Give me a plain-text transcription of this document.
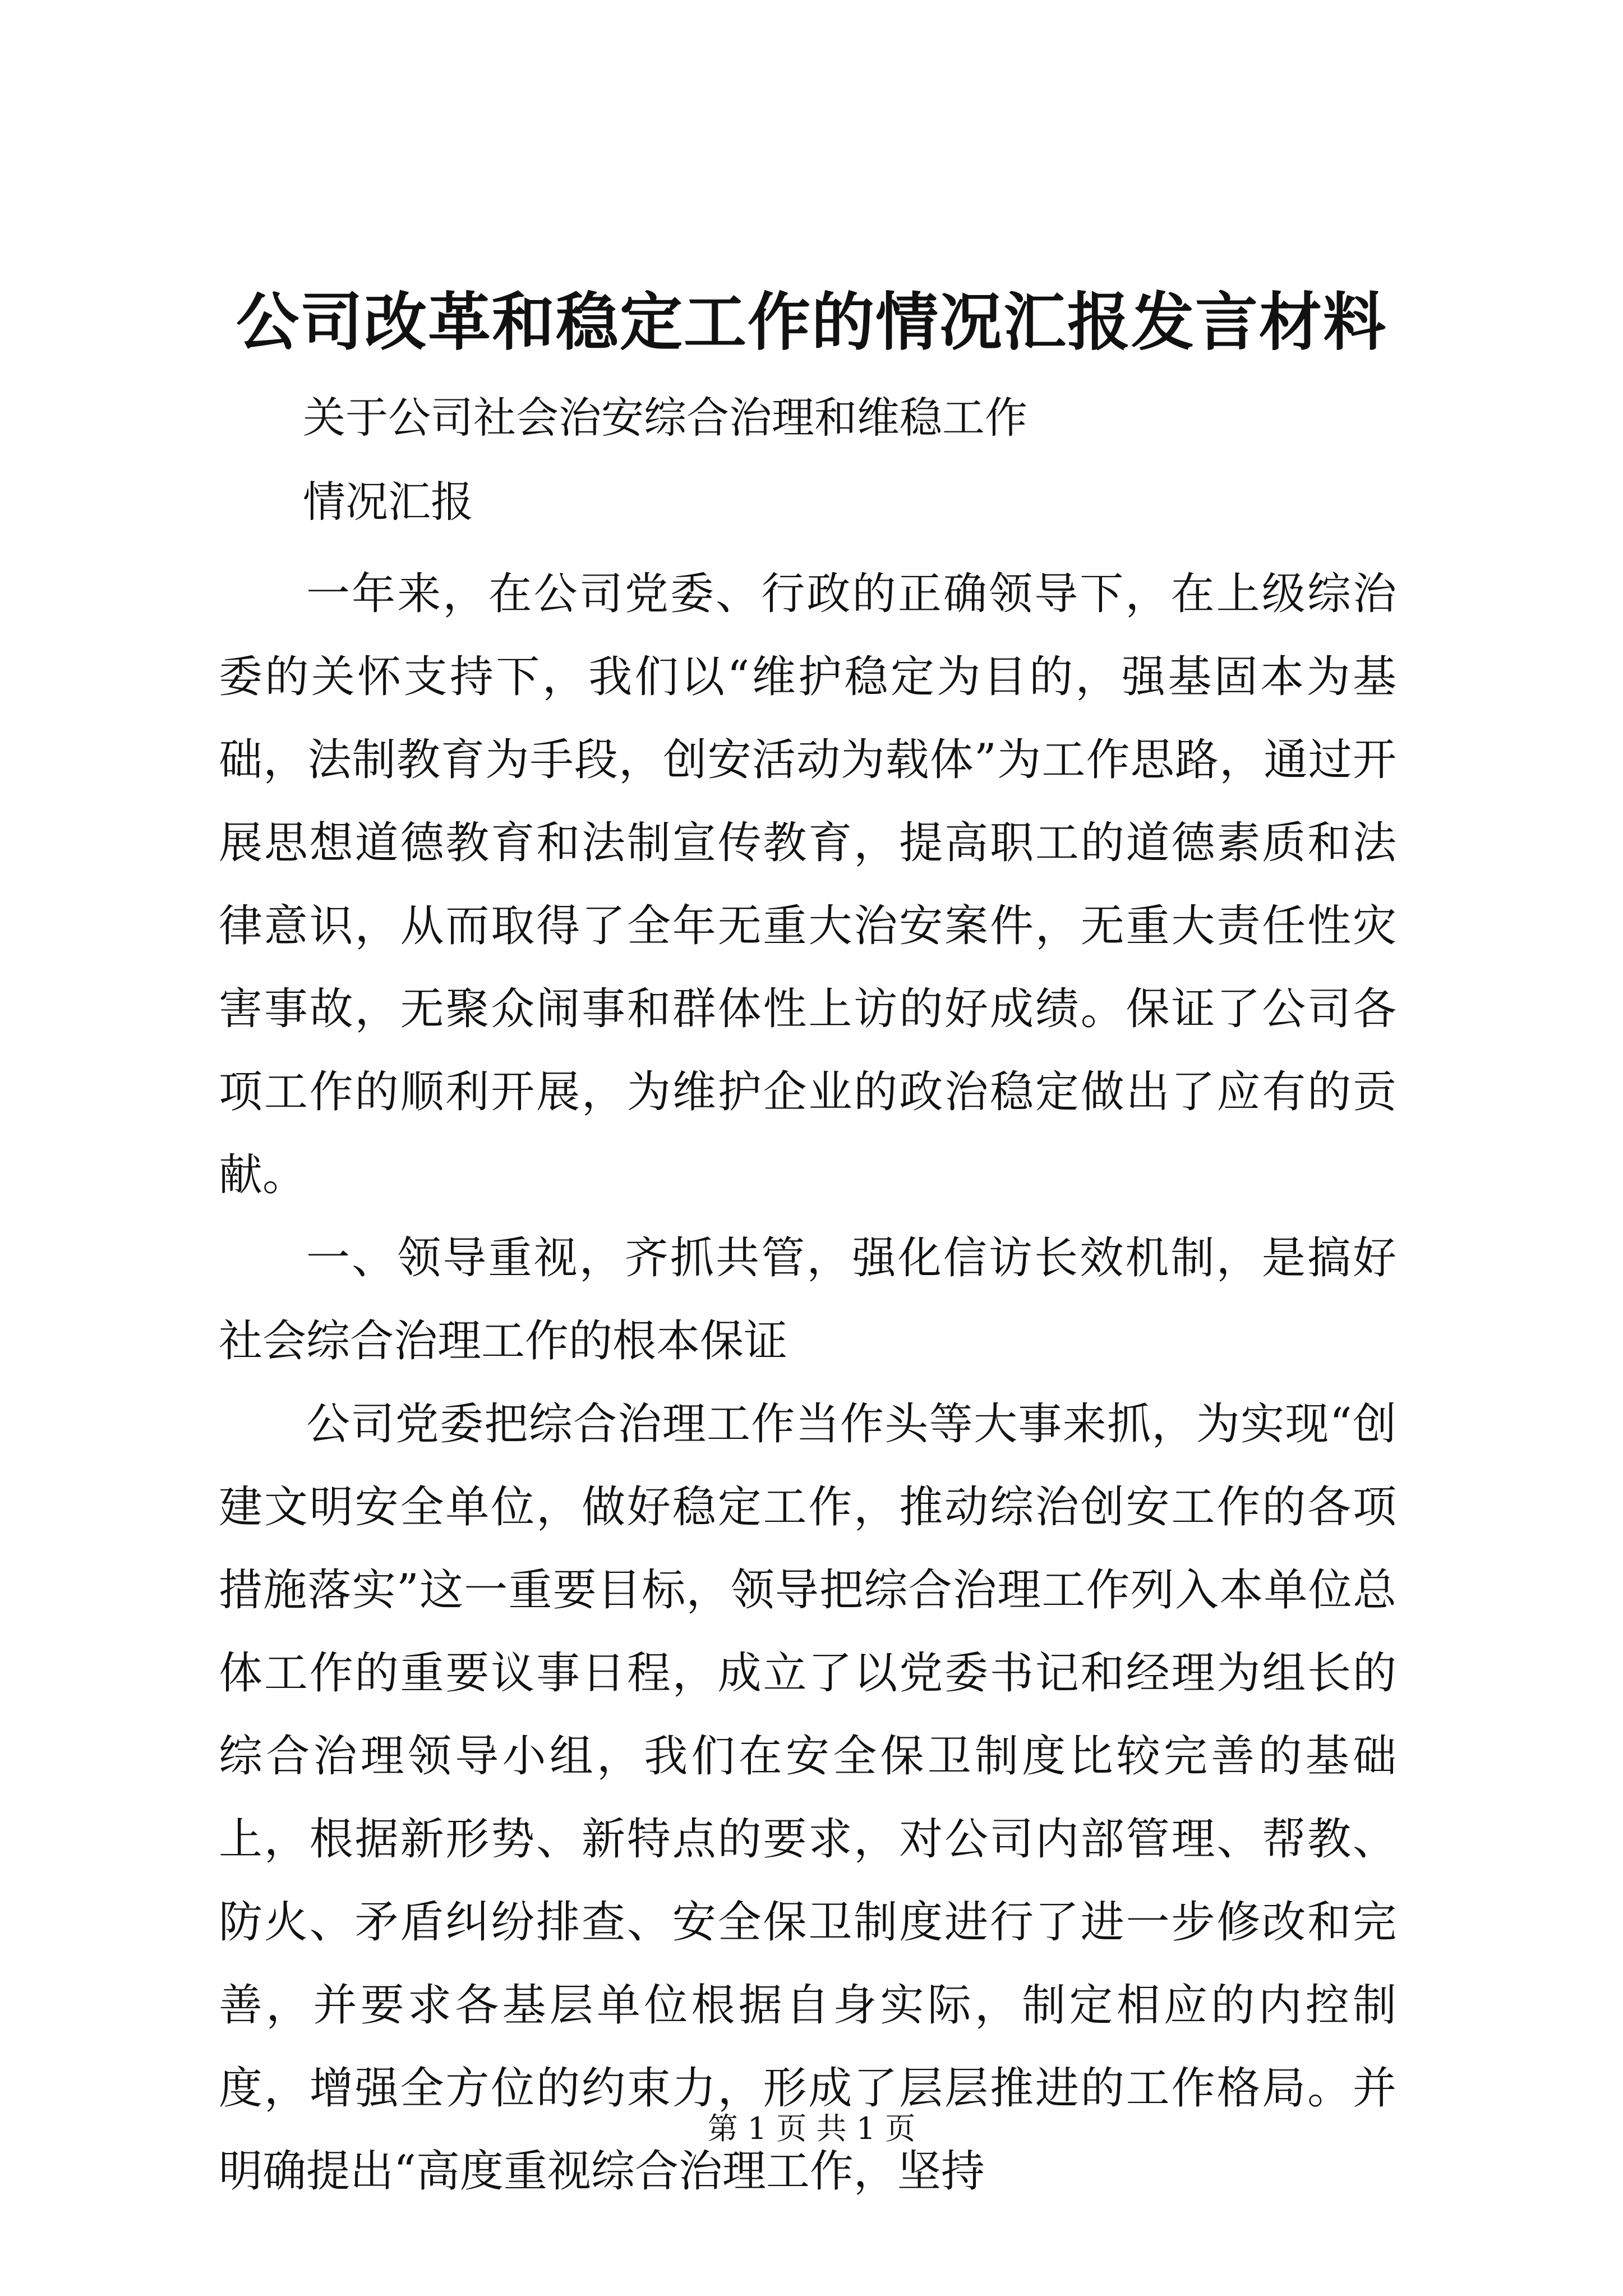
公司改革和稳定工作的情况汇报发言材料
关于公司社会治安综合治理和维稳工作
情况汇报

一年来，在公司党委、行政的正确领导下，在上级综治委的关怀支持下，我们以“维护稳定为目的，强基固本为基础，法制教育为手段，创安活动为载体”为工作思路，通过开展思想道德教育和法制宣传教育，提高职工的道德素质和法律意识，从而取得了全年无重大治安案件，无重大责任性灾害事故，无聚众闹事和群体性上访的好成绩。保证了公司各项工作的顺利开展，为维护企业的政治稳定做出了应有的贡献。

一、领导重视，齐抓共管，强化信访长效机制，是搞好社会综合治理工作的根本保证

公司党委把综合治理工作当作头等大事来抓，为实现“创建文明安全单位，做好稳定工作，推动综治创安工作的各项措施落实”这一重要目标，领导把综合治理工作列入本单位总体工作的重要议事日程，成立了以党委书记和经理为组长的综合治理领导小组，我们在安全保卫制度比较完善的基础上，根据新形势、新特点的要求，对公司内部管理、帮教、防火、矛盾纠纷排查、安全保卫制度进行了进一步修改和完善，并要求各基层单位根据自身实际，制定相应的内控制度，增强全方位的约束力，形成了层层推进的工作格局。并明确提出“高度重视综合治理工作，坚持

第 1 页 共 1 页
